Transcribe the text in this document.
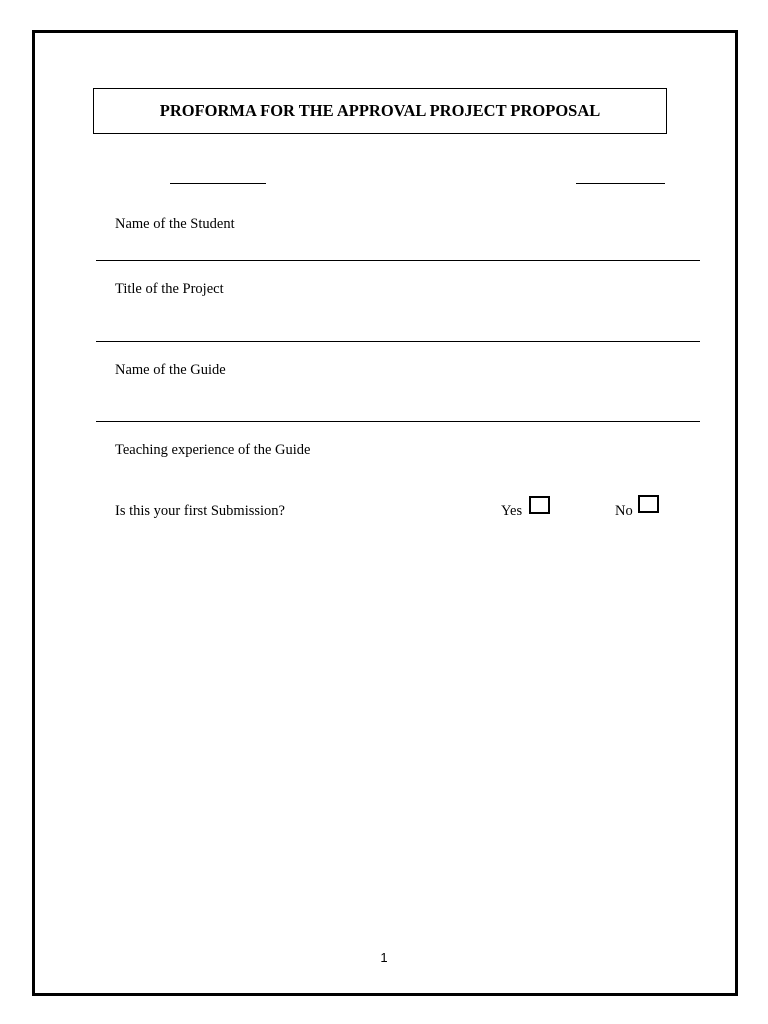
PROFORMA FOR THE APPROVAL PROJECT PROPOSAL
Name of the Student
Title of the Project
Name of the Guide
Teaching experience of the Guide
Is this your first Submission?	Yes	No
1
